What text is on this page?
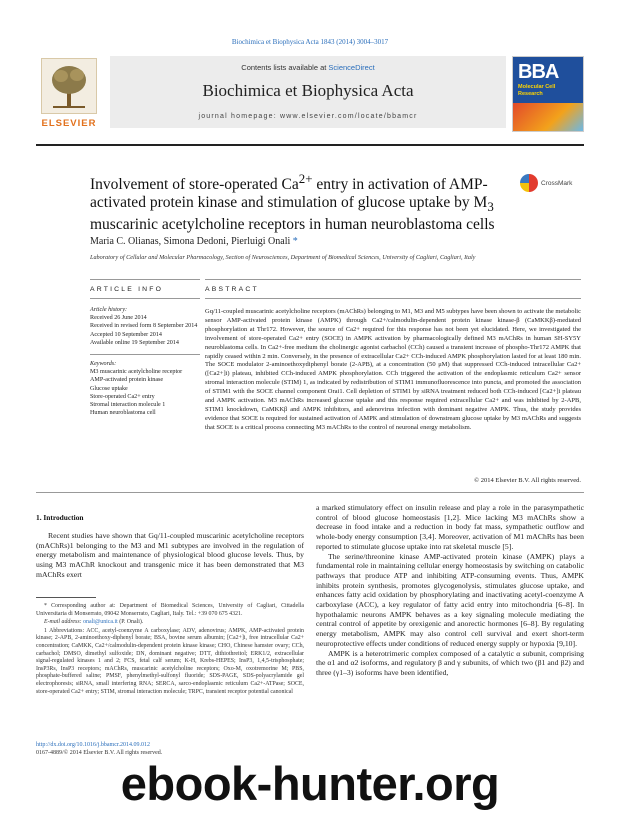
Biochimica et Biophysica Acta 1843 (2014) 3004–3017
ELSEVIER
Contents lists available at ScienceDirect
Biochimica et Biophysica Acta
journal homepage: www.elsevier.com/locate/bbamcr
BBA
Molecular Cell
Research
Involvement of store-operated $Ca^{2+}$ entry in activation of AMP-activated protein kinase and stimulation of glucose uptake by $M_3$ muscarinic acetylcholine receptors in human neuroblastoma cells
CrossMark
Maria C. Olianas, Simona Dedoni, Pierluigi Onali *
Laboratory of Cellular and Molecular Pharmacology, Section of Neurosciences, Department of Biomedical Sciences, University of Cagliari, Cagliari, Italy
ARTICLE INFO	ABSTRACT
Article history:
Received 26 June 2014
Received in revised form 8 September 2014
Accepted 10 September 2014
Available online 19 September 2014
Keywords:
M3 muscarinic acetylcholine receptor
AMP-activated protein kinase
Glucose uptake
Store-operated Ca2+ entry
Stromal interaction molecule 1
Human neuroblastoma cell
Gq/11-coupled muscarinic acetylcholine receptors (mAChRs) belonging to M1, M3 and M5 subtypes have been shown to activate the metabolic sensor AMP-activated protein kinase (AMPK) through Ca2+/calmodulin-dependent protein kinase kinase-β (CaMKKβ)-mediated phosphorylation at Thr172. However, the source of Ca2+ required for this response has not been yet elucidated. Here, we investigated the involvement of store-operated Ca2+ entry (SOCE) in AMPK activation by pharmacologically defined M3 mAChRs in human SH-SY5Y neuroblastoma cells. In Ca2+-free medium the cholinergic agonist carbachol (CCh) caused a transient increase of phospho-Thr172 AMPK that rapidly ceased within 2 min. Conversely, in the presence of extracellular Ca2+ CCh-induced AMPK phosphorylation lasted for at least 180 min. The SOCE modulator 2-aminoethoxydiphenyl borate (2-APB), at a concentration (50 μM) that suppressed CCh-induced intracellular Ca2+ ([Ca2+]i) plateau, inhibited CCh-induced AMPK phosphorylation. CCh triggered the activation of the endoplasmic reticulum Ca2+ sensor stromal interaction molecule (STIM) 1, as indicated by redistribution of STIM1 immunofluorescence into puncta, and promoted the association of STIM1 with the SOCE channel component Orai1. Cell depletion of STIM1 by siRNA treatment reduced both CCh-induced [Ca2+]i plateau and AMPK activation. M3 mAChRs increased glucose uptake and this response required extracellular Ca2+ and was inhibited by 2-APB, STIM1 knockdown, CaMKKβ and AMPK inhibitors, and adenovirus infection with dominant negative AMPK. Thus, the study provides evidence that SOCE is required for sustained activation of AMPK and stimulation of downstream glucose uptake by M3 mAChRs and suggests that SOCE is a critical process connecting M3 mAChRs to the control of neuronal energy metabolism.
© 2014 Elsevier B.V. All rights reserved.
1. Introduction

Recent studies have shown that Gq/11-coupled muscarinic acetylcholine receptors (mAChRs)1 belonging to the M3 and M1 subtypes are involved in the regulation of energy metabolism and maintenance of physiological blood glucose levels. Thus, by using M3 mAChR knockout and transgenic mice it has been demonstrated that M3 mAChRs exert

a marked stimulatory effect on insulin release and play a role in the parasympathetic control of blood glucose homeostasis [1,2]. Mice lacking M3 mAChRs show a decrease in food intake and a reduction in body fat mass, sympathetic outflow and whole-body energy consumption [3,4]. Moreover, activation of M1 mAChRs has been reported to stimulate glucose uptake into rat skeletal muscle [5].

The serine/threonine kinase AMP-activated protein kinase (AMPK) plays a fundamental role in maintaining cellular energy homeostasis by switching on catabolic pathways that produce ATP and inhibiting ATP-consuming events. Thus, AMPK inhibits protein synthesis, promotes glycogenolysis, stimulates glucose uptake, and enhances fatty acid oxidation by phosphorylating and inactivating acetyl-coenzyme A carboxylase (ACC), a key regulator of fatty acid entry into mitochondria [6–8]. In hypothalamic neurons AMPK behaves as a key signaling molecule mediating the central control of appetite by orexigenic and anorectic hormones [6–8]. By regulating energy metabolism, AMPK may also control cell survival and exert short-term neuroprotective effects under conditions of reduced energy supply or hypoxia [9,10].

AMPK is a heterotrimeric complex composed of a catalytic α subunit, comprising the α1 and α2 isoforms, and regulatory β and γ subunits, of which two (β1 and β2) and three (γ1–3) isoforms have been identified,

* Corresponding author at: Department of Biomedical Sciences, University of Cagliari, Cittadella Universitaria di Monserrato, 09042 Monserrato, Cagliari, Italy. Tel.: +39 070 675 4321.

E-mail address: onali@unica.it (P. Onali).

1 Abbreviations: ACC, acetyl-coenzyme A carboxylase; ADV, adenovirus; AMPK, AMP-activated protein kinase; 2-APB, 2-aminoethoxy-diphenyl borate; BSA, bovine serum albumin; [Ca2+]i, free intracellular Ca2+ concentration; CaMKK, Ca2+/calmodulin-dependent protein kinase kinase; CHO, Chinese hamster ovary; CCh, carbachol; DMSO, dimethyl sulfoxide; DN, dominant negative; DTT, dithiothreitol; ERK1/2, extracellular signal-regulated kinases 1 and 2; FCS, fetal calf serum; K-H, Krebs-HEPES; InsP3, 1,4,5-trisphosphate; InsP3Rs, InsP3 receptors; mAChRs, muscarinic acetylcholine receptors; Oxo-M, oxotremorine M; PBS, phosphate-buffered saline; PMSF, phenylmethyl-sulfonyl fluoride; SDS-PAGE, SDS-polyacrylamide gel electrophoresis; siRNA, small interfering RNA; SERCA, sarco-endoplasmic reticulum Ca2+-ATPase; SOCE, store-operated Ca2+ entry; STIM, stromal interaction molecule; TRPC, transient receptor potential canonical

http://dx.doi.org/10.1016/j.bbamcr.2014.09.012
0167-4889/© 2014 Elsevier B.V. All rights reserved.
ebook-hunter.org
